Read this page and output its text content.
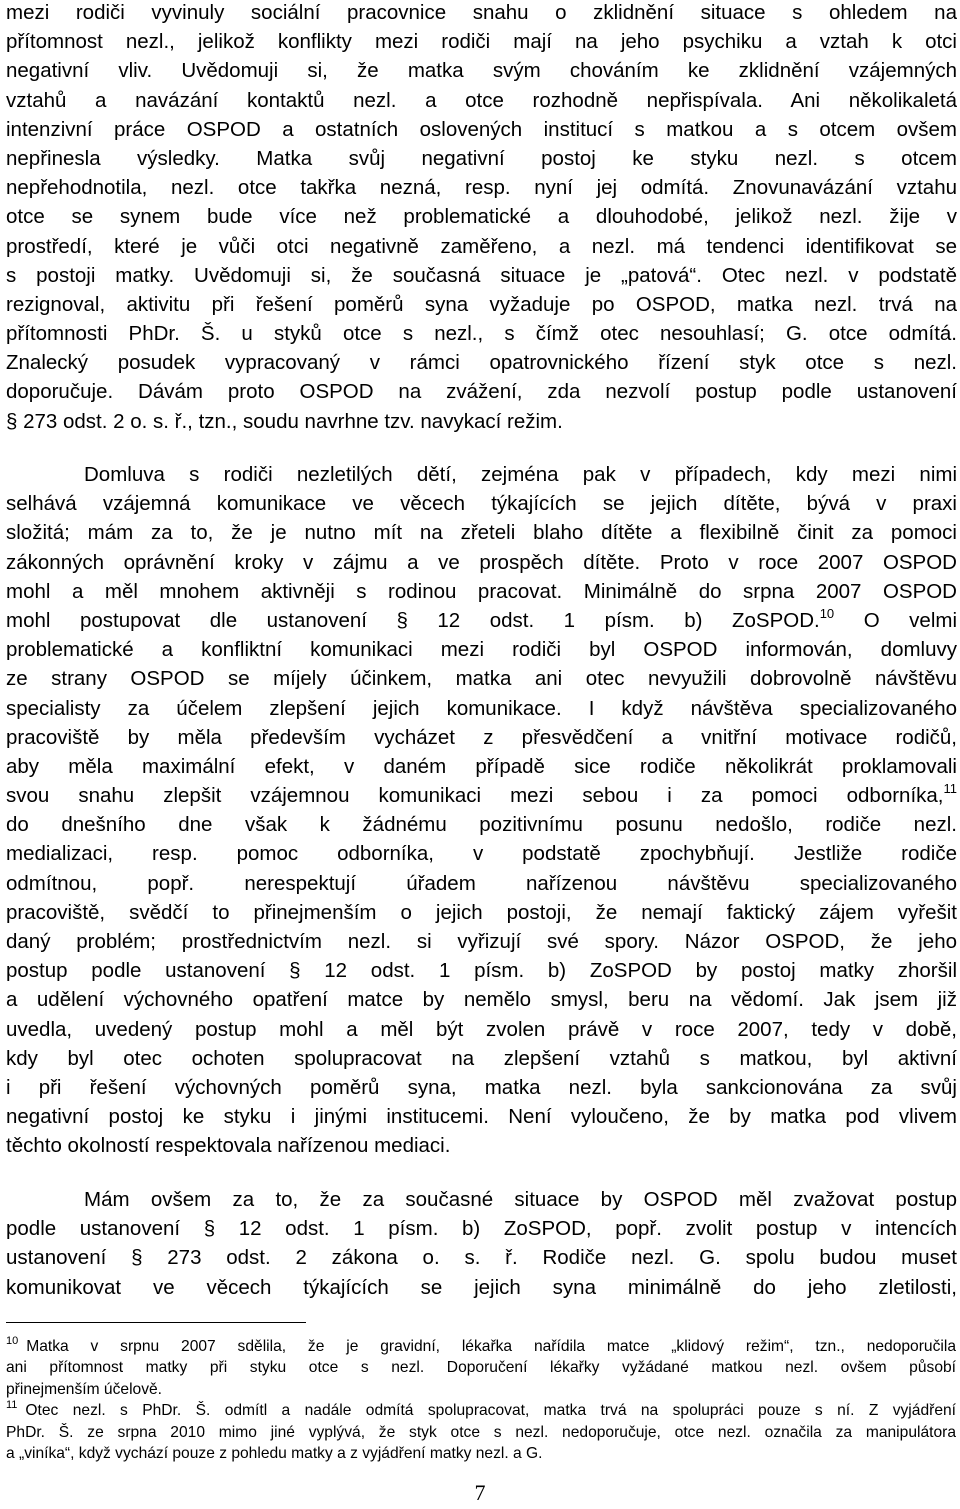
mezi rodiči vyvinuly sociální pracovnice snahu o zklidnění situace s ohledem na
přítomnost nezl., jelikož konflikty mezi rodiči mají na jeho psychiku a vztah k otci
negativní vliv. Uvědomuji si, že matka svým chováním ke zklidnění vzájemných
vztahů a navázání kontaktů nezl. a otce rozhodně nepřispívala. Ani několikaletá
intenzivní práce OSPOD a ostatních oslovených institucí s matkou a s otcem ovšem
nepřinesla výsledky. Matka svůj negativní postoj ke styku nezl. s otcem
nepřehodnotila, nezl. otce takřka nezná, resp. nyní jej odmítá. Znovunavázání vztahu
otce se synem bude více než problematické a dlouhodobé, jelikož nezl. žije v
prostředí, které je vůči otci negativně zaměřeno, a nezl. má tendenci identifikovat se
s postoji matky. Uvědomuji si, že současná situace je „patová“. Otec nezl. v podstatě
rezignoval, aktivitu při řešení poměrů syna vyžaduje po OSPOD, matka nezl. trvá na
přítomnosti PhDr. Š. u styků otce s nezl., s čímž otec nesouhlasí; G. otce odmítá.
Znalecký posudek vypracovaný v rámci opatrovnického řízení styk otce s nezl.
doporučuje. Dávám proto OSPOD na zvážení, zda nezvolí postup podle ustanovení
§ 273 odst. 2 o. s. ř., tzn., soudu navrhne tzv. navykací režim.
Domluva s rodiči nezletilých dětí, zejména pak v případech, kdy mezi nimi
selhává vzájemná komunikace ve věcech týkajících se jejich dítěte, bývá v praxi
složitá; mám za to, že je nutno mít na zřeteli blaho dítěte a flexibilně činit za pomoci
zákonných oprávnění kroky v zájmu a ve prospěch dítěte. Proto v roce 2007 OSPOD
mohl a měl mnohem aktivněji s rodinou pracovat. Minimálně do srpna 2007 OSPOD
mohl postupovat dle ustanovení § 12 odst. 1 písm. b) ZoSPOD.$^{10}$ O velmi
problematické a konfliktní komunikaci mezi rodiči byl OSPOD informován, domluvy
ze strany OSPOD se míjely účinkem, matka ani otec nevyužili dobrovolně návštěvu
specialisty za účelem zlepšení jejich komunikace. I když návštěva specializovaného
pracoviště by měla především vycházet z přesvědčení a vnitřní motivace rodičů,
aby měla maximální efekt, v daném případě sice rodiče několikrát proklamovali
svou snahu zlepšit vzájemnou komunikaci mezi sebou i za pomoci odborníka,$^{11}$
do dnešního dne však k žádnému pozitivnímu posunu nedošlo, rodiče nezl.
medializaci, resp. pomoc odborníka, v podstatě zpochybňují. Jestliže rodiče
odmítnou, popř. nerespektují úřadem nařízenou návštěvu specializovaného
pracoviště, svědčí to přinejmenším o jejich postoji, že nemají faktický zájem vyřešit
daný problém; prostřednictvím nezl. si vyřizují své spory. Názor OSPOD, že jeho
postup podle ustanovení § 12 odst. 1 písm. b) ZoSPOD by postoj matky zhoršil
a udělení výchovného opatření matce by nemělo smysl, beru na vědomí. Jak jsem již
uvedla, uvedený postup mohl a měl být zvolen právě v roce 2007, tedy v době,
kdy byl otec ochoten spolupracovat na zlepšení vztahů s matkou, byl aktivní
i při řešení výchovných poměrů syna, matka nezl. byla sankcionována za svůj
negativní postoj ke styku i jinými institucemi. Není vyloučeno, že by matka pod vlivem
těchto okolností respektovala nařízenou mediaci.
Mám ovšem za to, že za současné situace by OSPOD měl zvažovat postup
podle ustanovení § 12 odst. 1 písm. b) ZoSPOD, popř. zvolit postup v intencích
ustanovení § 273 odst. 2 zákona o. s. ř. Rodiče nezl. G. spolu budou muset
komunikovat ve věcech týkajících se jejich syna minimálně do jeho zletilosti,
$^{10}$ Matka v srpnu 2007 sdělila, že je gravidní, lékařka nařídila matce „klidový režim“, tzn., nedoporučila
ani přítomnost matky při styku otce s nezl. Doporučení lékařky vyžádané matkou nezl. ovšem působí
přinejmenším účelově.
$^{11}$ Otec nezl. s PhDr. Š. odmítl a nadále odmítá spolupracovat, matka trvá na spolupráci pouze s ní. Z vyjádření
PhDr. Š. ze srpna 2010 mimo jiné vyplývá, že styk otce s nezl. nedoporučuje, otce nezl. označila za manipulátora
a „viníka“, když vychází pouze z pohledu matky a z vyjádření matky nezl. a G.
7
